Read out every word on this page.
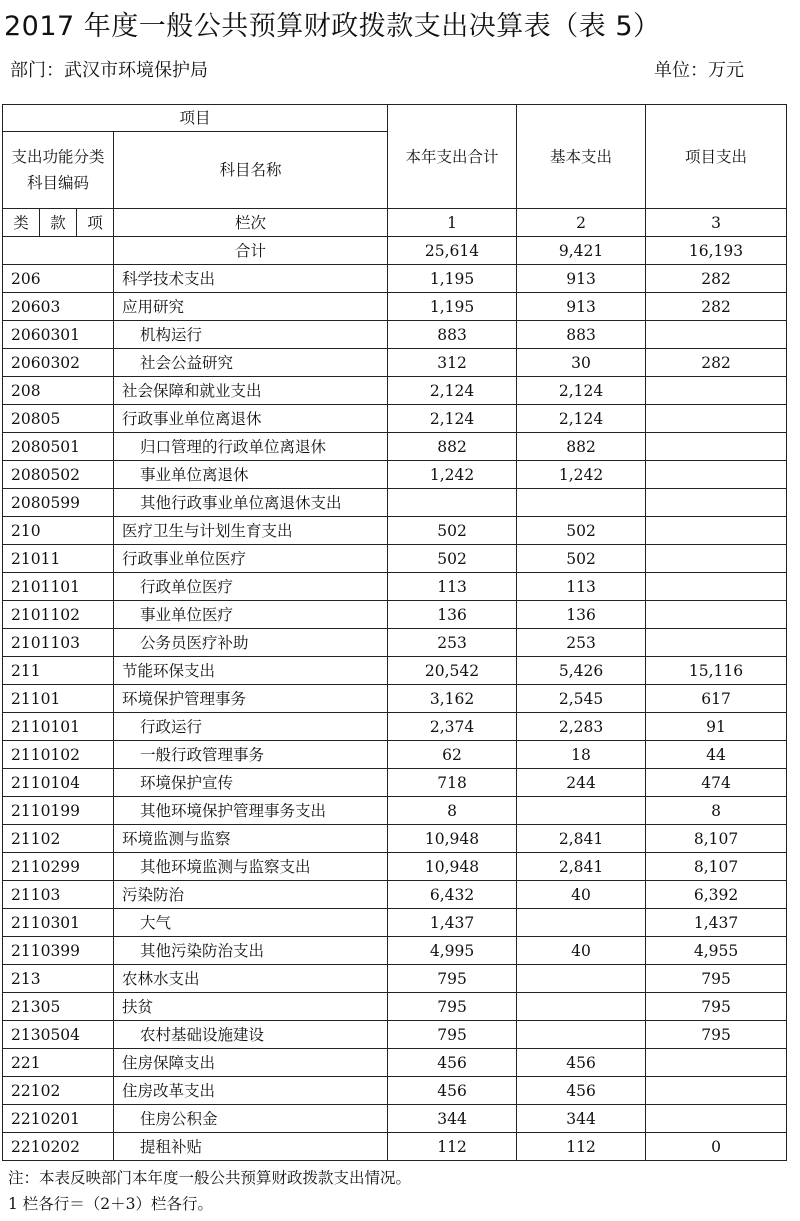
2017 年度一般公共预算财政拨款支出决算表（表 5）
部门：武汉市环境保护局	单位：万元
项目				本年支出合计	基本支出	项目支出
支出功能分类科目编码			科目名称			
类	款	项				
			栏次	1	2	3
			合计	25,614	9,421	16,193
206			科学技术支出	1,195	913	282
20603			应用研究	1,195	913	282
2060301			机构运行	883	883	
2060302			社会公益研究	312	30	282
208			社会保障和就业支出	2,124	2,124	
20805			行政事业单位离退休	2,124	2,124	
2080501			归口管理的行政单位离退休	882	882	
2080502			事业单位离退休	1,242	1,242	
2080599			其他行政事业单位离退休支出			
210			医疗卫生与计划生育支出	502	502	
21011			行政事业单位医疗	502	502	
2101101			行政单位医疗	113	113	
2101102			事业单位医疗	136	136	
2101103			公务员医疗补助	253	253	
211			节能环保支出	20,542	5,426	15,116
21101			环境保护管理事务	3,162	2,545	617
2110101			行政运行	2,374	2,283	91
2110102			一般行政管理事务	62	18	44
2110104			环境保护宣传	718	244	474
2110199			其他环境保护管理事务支出	8		8
21102			环境监测与监察	10,948	2,841	8,107
2110299			其他环境监测与监察支出	10,948	2,841	8,107
21103			污染防治	6,432	40	6,392
2110301			大气	1,437		1,437
2110399			其他污染防治支出	4,995	40	4,955
213			农林水支出	795		795
21305			扶贫	795		795
2130504			农村基础设施建设	795		795
221			住房保障支出	456	456	
22102			住房改革支出	456	456	
2210201			住房公积金	344	344	
2210202			提租补贴	112	112	0
注：本表反映部门本年度一般公共预算财政拨款支出情况。
1 栏各行＝（2＋3）栏各行。
